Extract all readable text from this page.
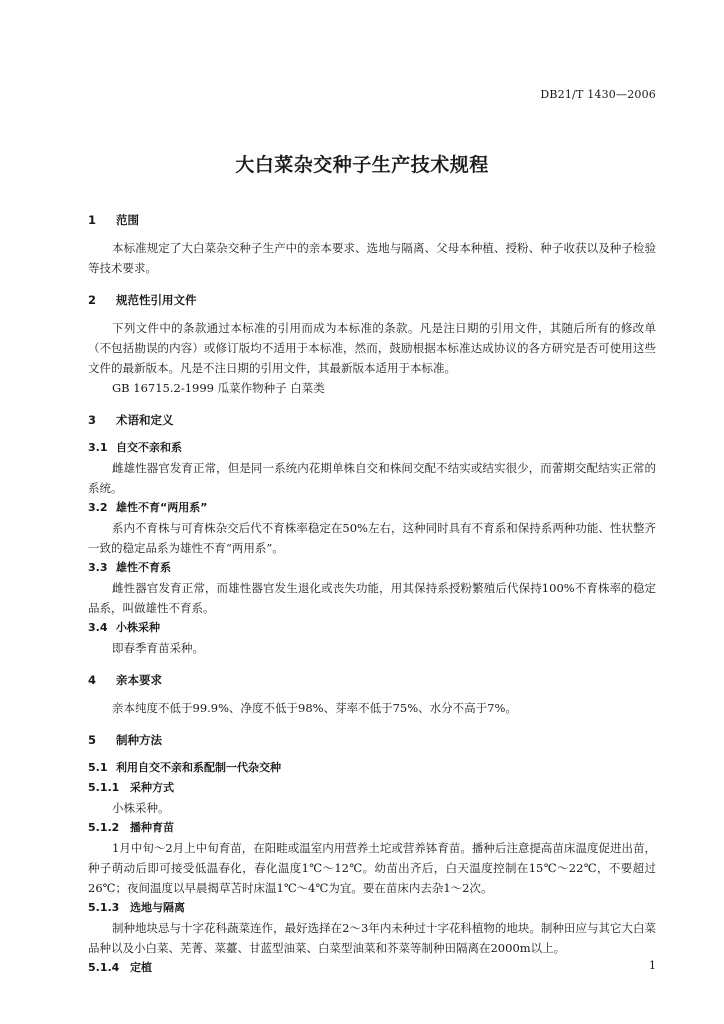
DB21/T 1430—2006
大白菜杂交种子生产技术规程
1 范围

本标准规定了大白菜杂交种子生产中的亲本要求、选地与隔离、父母本种植、授粉、种子收获以及种子检验等技术要求。

2 规范性引用文件

下列文件中的条款通过本标准的引用而成为本标准的条款。凡是注日期的引用文件，其随后所有的修改单（不包括勘误的内容）或修订版均不适用于本标准，然而，鼓励根据本标准达成协议的各方研究是否可使用这些文件的最新版本。凡是不注日期的引用文件，其最新版本适用于本标准。

GB 16715.2-1999 瓜菜作物种子 白菜类

3 术语和定义
3.1 自交不亲和系

雌雄性器官发育正常，但是同一系统内花期单株自交和株间交配不结实或结实很少，而蕾期交配结实正常的系统。

3.2 雄性不育“两用系”

系内不育株与可育株杂交后代不育株率稳定在50%左右，这种同时具有不育系和保持系两种功能、性状整齐一致的稳定品系为雄性不育“两用系”。

3.3 雄性不育系

雌性器官发育正常，而雄性器官发生退化或丧失功能，用其保持系授粉繁殖后代保持100%不育株率的稳定品系，叫做雄性不育系。

3.4 小株采种

即春季育苗采种。

4 亲本要求

亲本纯度不低于99.9%、净度不低于98%、芽率不低于75%、水分不高于7%。

5 制种方法
5.1 利用自交不亲和系配制一代杂交种
5.1.1 采种方式

小株采种。

5.1.2 播种育苗

1月中旬～2月上中旬育苗，在阳畦或温室内用营养土坨或营养钵育苗。播种后注意提高苗床温度促进出苗，种子萌动后即可接受低温春化，春化温度1℃～12℃。幼苗出齐后，白天温度控制在15℃～22℃，不要超过26℃；夜间温度以早晨揭草苫时床温1℃～4℃为宜。要在苗床内去杂1～2次。

5.1.3 选地与隔离

制种地块忌与十字花科蔬菜连作，最好选择在2～3年内未种过十字花科植物的地块。制种田应与其它大白菜品种以及小白菜、芜菁、菜薹、甘蓝型油菜、白菜型油菜和芥菜等制种田隔离在2000m以上。

5.1.4 定植	1
